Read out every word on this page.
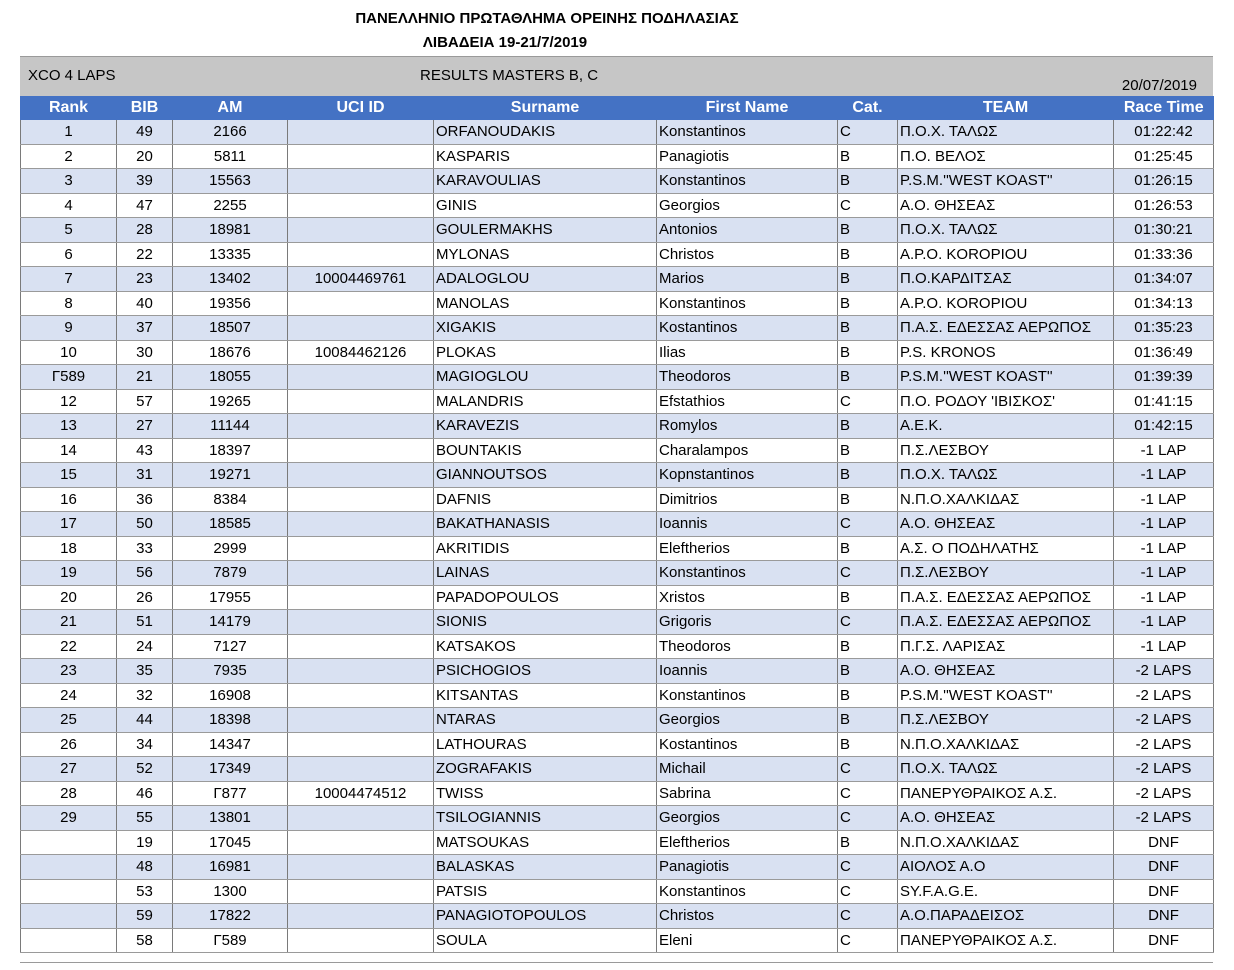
ΠΑΝΕΛΛΗΝΙΟ ΠΡΩΤΑΘΛΗΜΑ ΟΡΕΙΝΗΣ ΠΟΔΗΛΑΣΙΑΣ
ΛΙΒΑΔΕΙΑ 19-21/7/2019
XCO 4 LAPS	RESULTS MASTERS B, C
20/07/2019
Rank	BIB	AM	UCI ID	Surname	First Name	Cat.	TEAM	Race Time
1	49	2166		ORFANOUDAKIS	Konstantinos	C	Π.Ο.Χ. ΤΑΛΩΣ	01:22:42
2	20	5811		KASPARIS	Panagiotis	B	Π.Ο. ΒΕΛΟΣ	01:25:45
3	39	15563		KARAVOULIAS	Konstantinos	B	P.S.M.''WEST KOAST''	01:26:15
4	47	2255		GINIS	Georgios	C	Α.Ο. ΘΗΣΕΑΣ	01:26:53
5	28	18981		GOULERMAKHS	Antonios	B	Π.Ο.Χ. ΤΑΛΩΣ	01:30:21
6	22	13335		MYLONAS	Christos	B	Α.Ρ.Ο. KOROPIOU	01:33:36
7	23	13402	10004469761	ADALOGLOU	Marios	B	Π.Ο.ΚΑΡΔΙΤΣΑΣ	01:34:07
8	40	19356		MANOLAS	Konstantinos	B	Α.Ρ.Ο. KOROPIOU	01:34:13
9	37	18507		XIGAKIS	Kostantinos	B	Π.Α.Σ. ΕΔΕΣΣΑΣ ΑΕΡΩΠΟΣ	01:35:23
10	30	18676	10084462126	PLOKAS	Ilias	B	P.S. KRONOS	01:36:49
Γ589	21	18055		MAGIOGLOU	Theodoros	B	P.S.M.''WEST KOAST''	01:39:39
12	57	19265		MALANDRIS	Efstathios	C	Π.Ο. ΡΟΔΟΥ 'ΙΒΙΣΚΟΣ'	01:41:15
13	27	11144		KARAVEZIS	Romylos	B	Α.Ε.Κ.	01:42:15
14	43	18397		BOUNTAKIS	Charalampos	B	Π.Σ.ΛΕΣΒΟΥ	-1 LAP
15	31	19271		GIANNOUTSOS	Kopnstantinos	B	Π.Ο.Χ. ΤΑΛΩΣ	-1 LAP
16	36	8384		DAFNIS	Dimitrios	B	Ν.Π.Ο.ΧΑΛΚΙΔΑΣ	-1 LAP
17	50	18585		BAKATHANASIS	Ioannis	C	Α.Ο. ΘΗΣΕΑΣ	-1 LAP
18	33	2999		AKRITIDIS	Eleftherios	B	Α.Σ. Ο ΠΟΔΗΛΑΤΗΣ	-1 LAP
19	56	7879		LAINAS	Konstantinos	C	Π.Σ.ΛΕΣΒΟΥ	-1 LAP
20	26	17955		PAPADOPOULOS	Xristos	B	Π.Α.Σ. ΕΔΕΣΣΑΣ ΑΕΡΩΠΟΣ	-1 LAP
21	51	14179		SIONIS	Grigoris	C	Π.Α.Σ. ΕΔΕΣΣΑΣ ΑΕΡΩΠΟΣ	-1 LAP
22	24	7127		KATSAKOS	Theodoros	B	Π.Γ.Σ. ΛΑΡΙΣΑΣ	-1 LAP
23	35	7935		PSICHOGIOS	Ioannis	B	Α.Ο. ΘΗΣΕΑΣ	-2 LAPS
24	32	16908		KITSANTAS	Konstantinos	B	P.S.M.''WEST KOAST''	-2 LAPS
25	44	18398		NTARAS	Georgios	B	Π.Σ.ΛΕΣΒΟΥ	-2 LAPS
26	34	14347		LATHOURAS	Kostantinos	B	Ν.Π.Ο.ΧΑΛΚΙΔΑΣ	-2 LAPS
27	52	17349		ZOGRAFAKIS	Michail	C	Π.Ο.Χ. ΤΑΛΩΣ	-2 LAPS
28	46	Γ877	10004474512	TWISS	Sabrina	C	ΠΑΝΕΡΥΘΡΑΙΚΟΣ Α.Σ.	-2 LAPS
29	55	13801		TSILOGIANNIS	Georgios	C	Α.Ο. ΘΗΣΕΑΣ	-2 LAPS
	19	17045		MATSOUKAS	Eleftherios	B	Ν.Π.Ο.ΧΑΛΚΙΔΑΣ	DNF
	48	16981		BALASKAS	Panagiotis	C	ΑΙΟΛΟΣ Α.Ο	DNF
	53	1300		PATSIS	Konstantinos	C	SY.F.A.G.E.	DNF
	59	17822		PANAGIOTOPOULOS	Christos	C	Α.Ο.ΠΑΡΑΔΕΙΣΟΣ	DNF
	58	Γ589		SOULA	Eleni	C	ΠΑΝΕΡΥΘΡΑΙΚΟΣ Α.Σ.	DNF
